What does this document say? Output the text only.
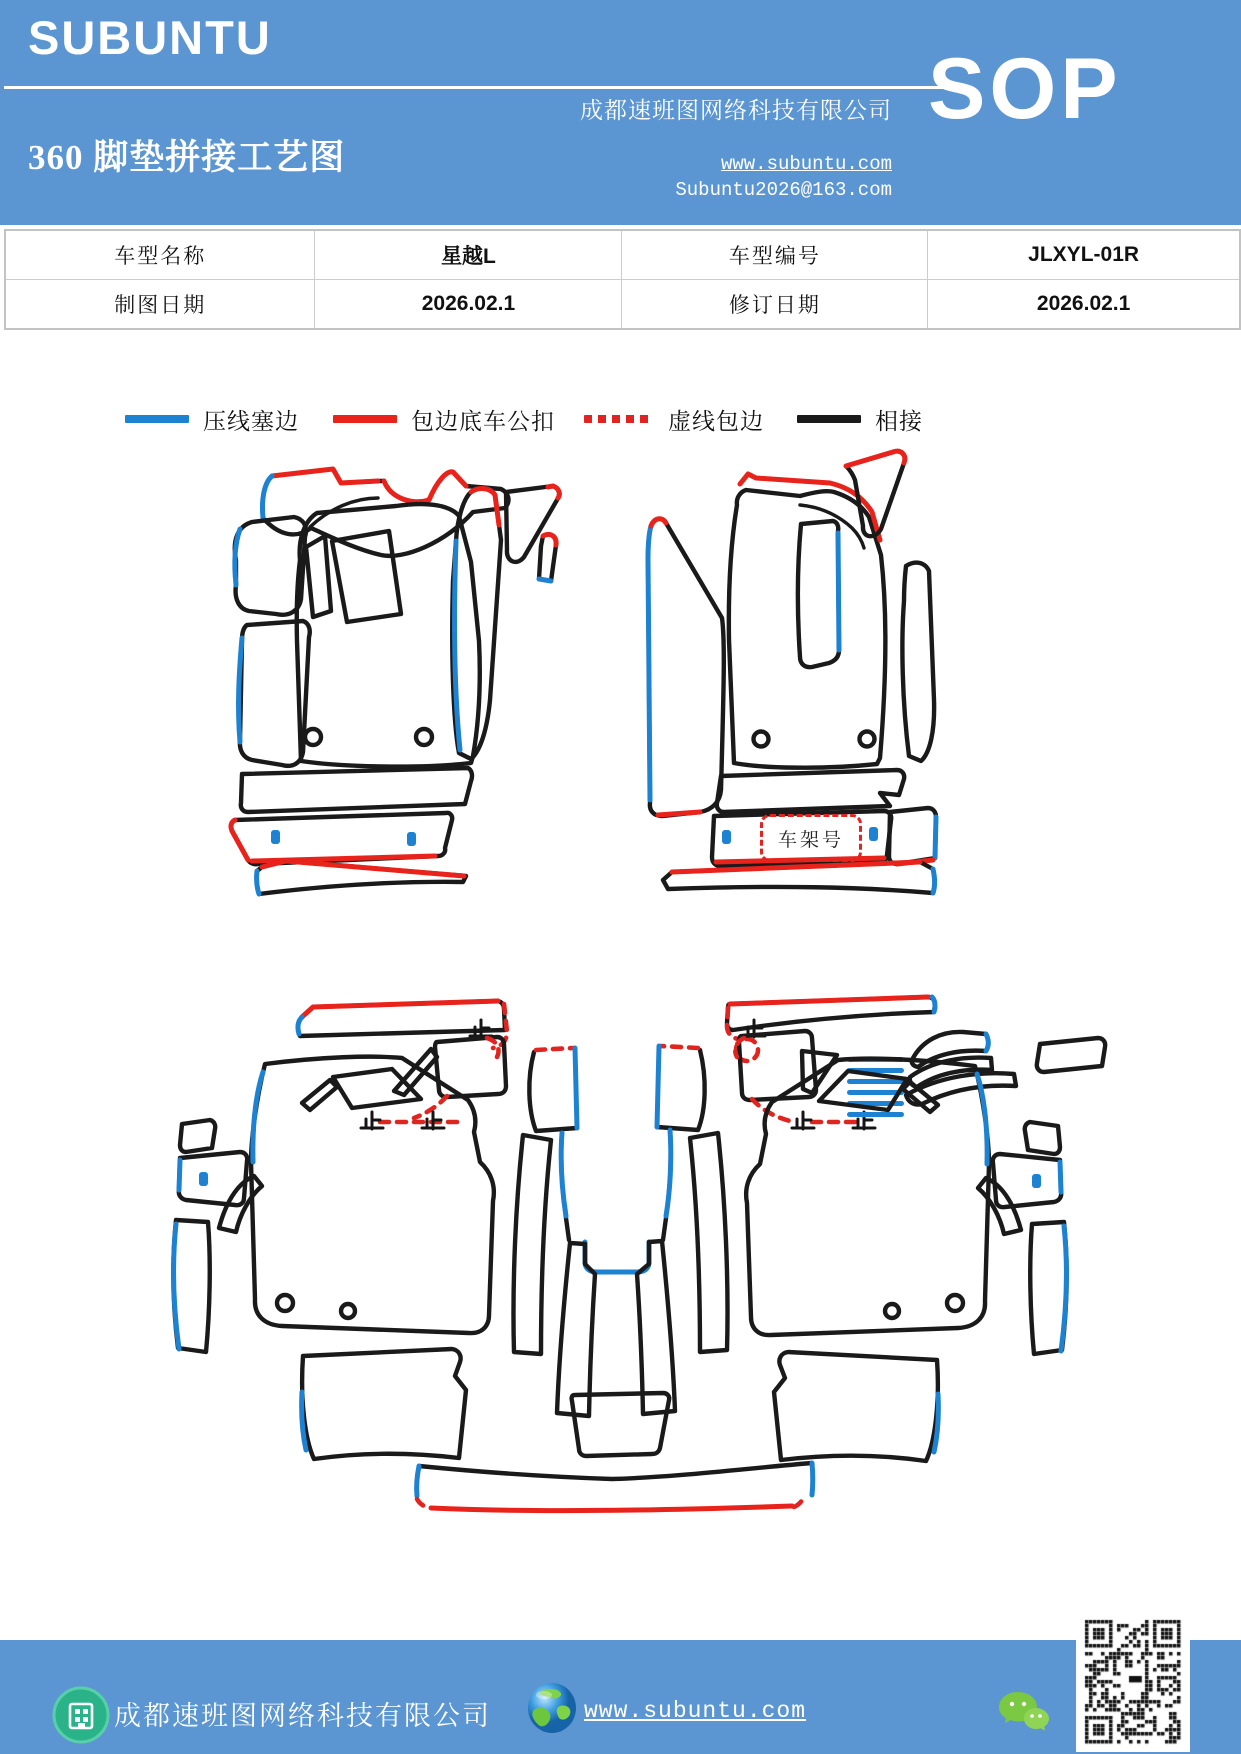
SUBUNTU
360 脚垫拼接工艺图
成都速班图网络科技有限公司
www.subuntu.com
Subuntu2026@163.com
SOP
车型名称	星越L	车型编号	JLXYL-01R
制图日期	2026.02.1	修订日期	2026.02.1
压线塞边	包边底车公扣	虚线包边	相接
车架号
成都速班图网络科技有限公司	www.subuntu.com
